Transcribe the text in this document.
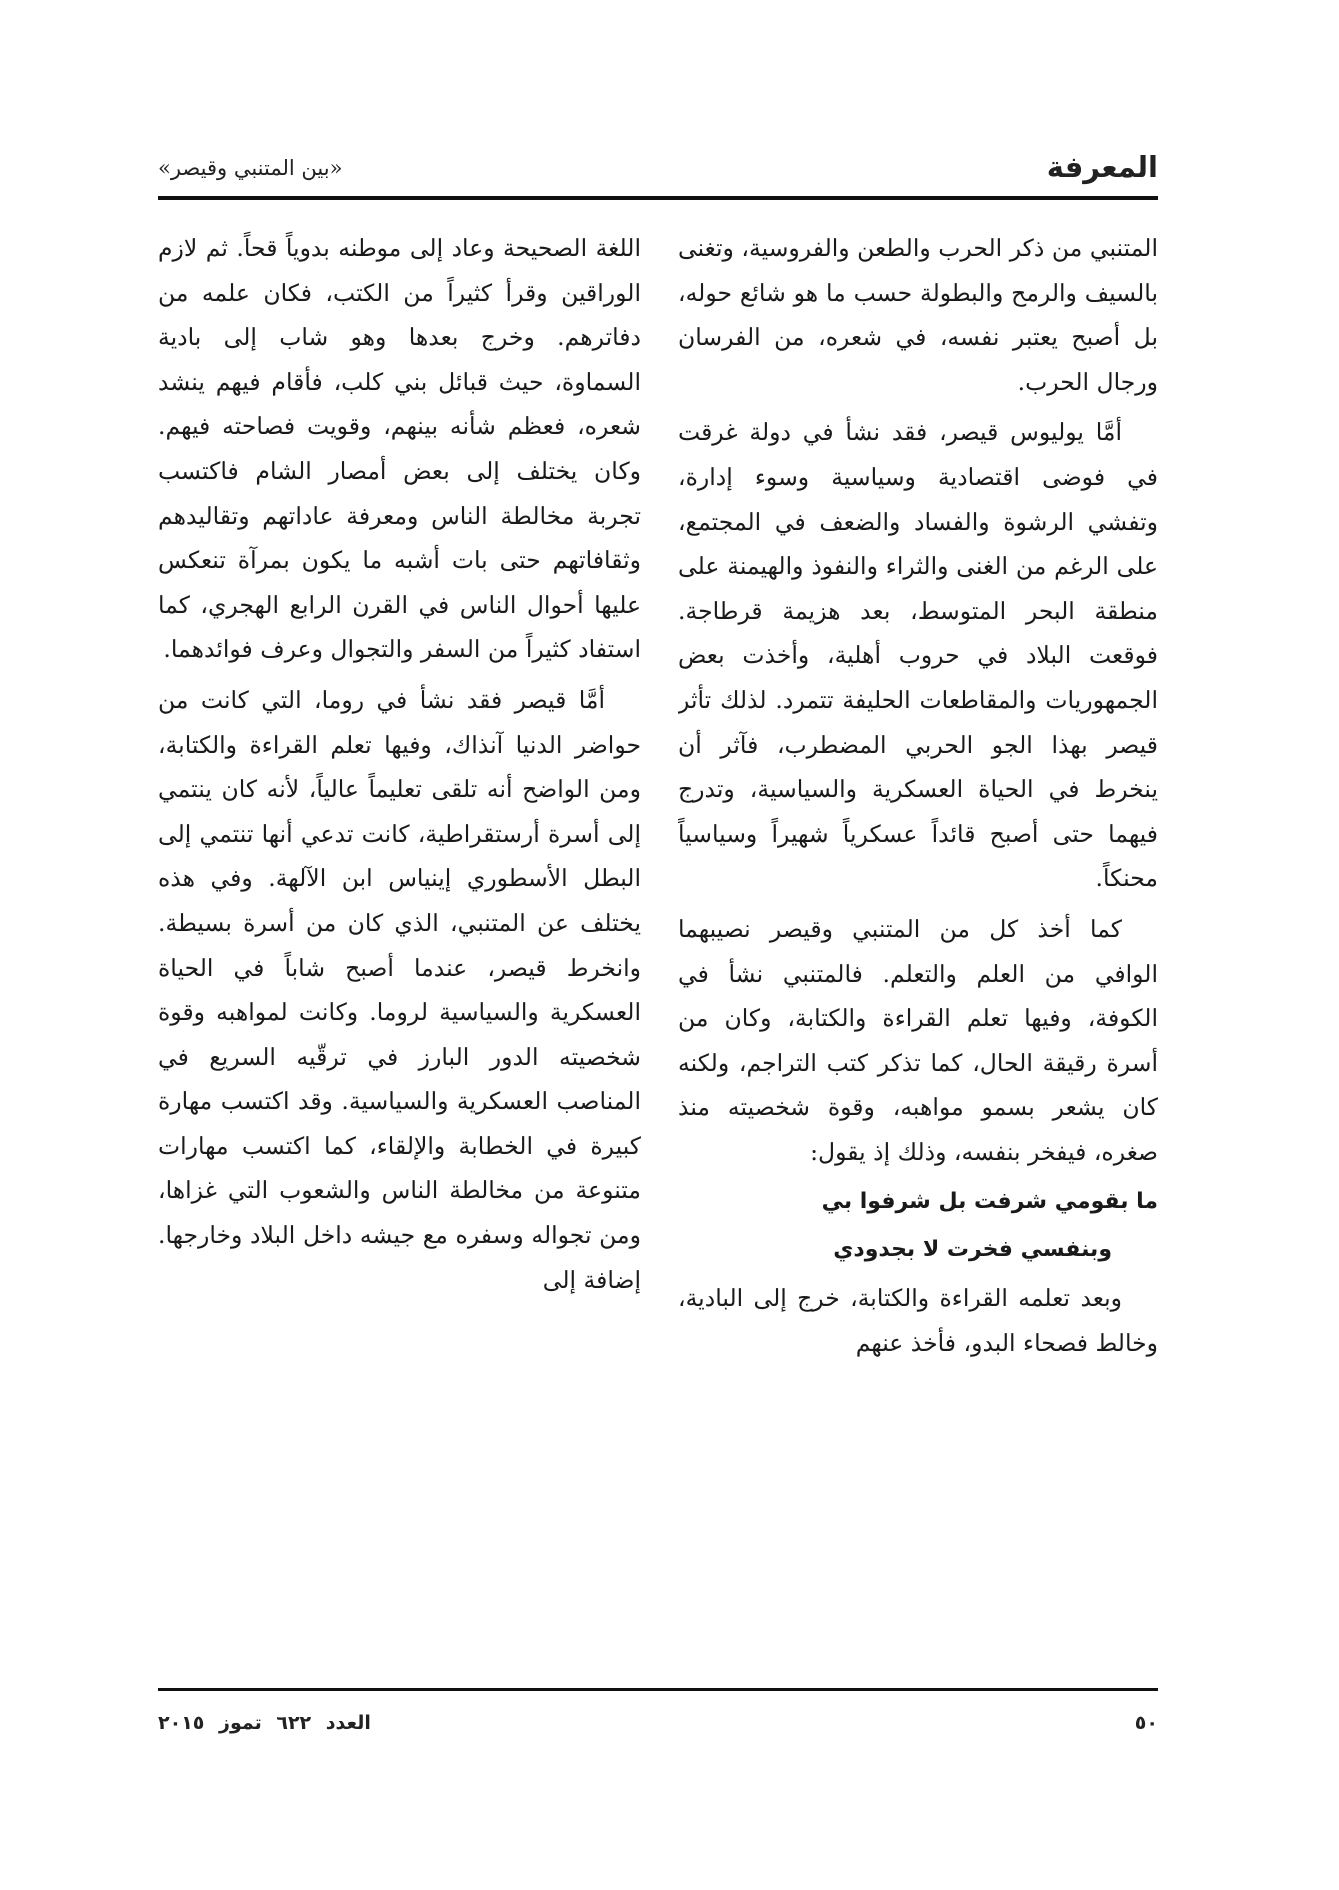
المعرفة
«بين المتنبي وقيصر»

المتنبي من ذكر الحرب والطعن والفروسية، وتغنى بالسيف والرمح والبطولة حسب ما هو شائع حوله، بل أصبح يعتبر نفسه، في شعره، من الفرسان ورجال الحرب.

أمَّا يوليوس قيصر، فقد نشأ في دولة غرقت في فوضى اقتصادية وسياسية وسوء إدارة، وتفشي الرشوة والفساد والضعف في المجتمع، على الرغم من الغنى والثراء والنفوذ والهيمنة على منطقة البحر المتوسط، بعد هزيمة قرطاجة. فوقعت البلاد في حروب أهلية، وأخذت بعض الجمهوريات والمقاطعات الحليفة تتمرد. لذلك تأثر قيصر بهذا الجو الحربي المضطرب، فآثر أن ينخرط في الحياة العسكرية والسياسية، وتدرج فيهما حتى أصبح قائداً عسكرياً شهيراً وسياسياً محنكاً.

كما أخذ كل من المتنبي وقيصر نصيبهما الوافي من العلم والتعلم. فالمتنبي نشأ في الكوفة، وفيها تعلم القراءة والكتابة، وكان من أسرة رقيقة الحال، كما تذكر كتب التراجم، ولكنه كان يشعر بسمو مواهبه، وقوة شخصيته منذ صغره، فيفخر بنفسه، وذلك إذ يقول:

ما بقومي شرفت بل شرفوا بي
وبنفسي فخرت لا بجدودي

وبعد تعلمه القراءة والكتابة، خرج إلى البادية، وخالط فصحاء البدو، فأخذ عنهم

اللغة الصحيحة وعاد إلى موطنه بدوياً قحاً. ثم لازم الوراقين وقرأ كثيراً من الكتب، فكان علمه من دفاترهم. وخرج بعدها وهو شاب إلى بادية السماوة، حيث قبائل بني كلب، فأقام فيهم ينشد شعره، فعظم شأنه بينهم، وقويت فصاحته فيهم. وكان يختلف إلى بعض أمصار الشام فاكتسب تجربة مخالطة الناس ومعرفة عاداتهم وتقاليدهم وثقافاتهم حتى بات أشبه ما يكون بمرآة تنعكس عليها أحوال الناس في القرن الرابع الهجري، كما استفاد كثيراً من السفر والتجوال وعرف فوائدهما.

أمَّا قيصر فقد نشأ في روما، التي كانت من حواضر الدنيا آنذاك، وفيها تعلم القراءة والكتابة، ومن الواضح أنه تلقى تعليماً عالياً، لأنه كان ينتمي إلى أسرة أرستقراطية، كانت تدعي أنها تنتمي إلى البطل الأسطوري إينياس ابن الآلهة. وفي هذه يختلف عن المتنبي، الذي كان من أسرة بسيطة. وانخرط قيصر، عندما أصبح شاباً في الحياة العسكرية والسياسية لروما. وكانت لمواهبه وقوة شخصيته الدور البارز في ترقّيه السريع في المناصب العسكرية والسياسية. وقد اكتسب مهارة كبيرة في الخطابة والإلقاء، كما اكتسب مهارات متنوعة من مخالطة الناس والشعوب التي غزاها، ومن تجواله وسفره مع جيشه داخل البلاد وخارجها. إضافة إلى

٥٠
العدد ٦٢٢ تموز ٢٠١٥
